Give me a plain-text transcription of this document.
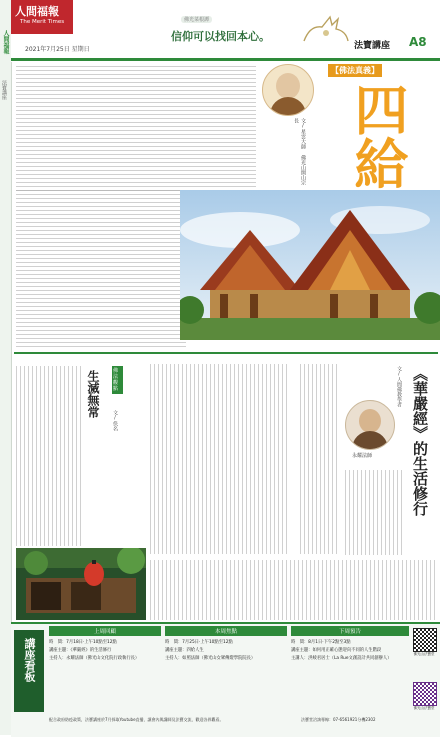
人間福報
法寶講座
人間福報
The Merit Times
2021年7月25日 星期日
佛光菜根譚
信仰可以找回本心。
法寶講座 A8
【佛法真義】
四給
文/星雲大師 佛光山開山宗長
《華嚴經》的生活修行
文/人間佛教學者
永耀法師
佛法觀點
生滅無常
文/佚名
講座看板
上周回顧
時　間：7月18日‧上午10點至12點
講座主題：《華嚴經》的生活修行
主持人：永耀法師（佛光山文化院行政執行長）
本周焦點
時　間：7月25日‧上午10點至12點
講座主題：四給人生
主持人：如照法師（佛光山女眾傳燈學院院長）
下周預告
時　間：8月1日‧下午2點至3點
講座主題：如何用正確心態迎向不同的人生階段
主講人：洪綾君居士（La Rue文創設計共同創辦人）
佛光山法寶堂
佛光山法寶堂
配合政府防疫政策，法寶講座於7月採取Youtube直播，讓會內與講師及法寶交流，歡迎各界觀看。	法寶堂洽詢專線：07-6561921分機2302
